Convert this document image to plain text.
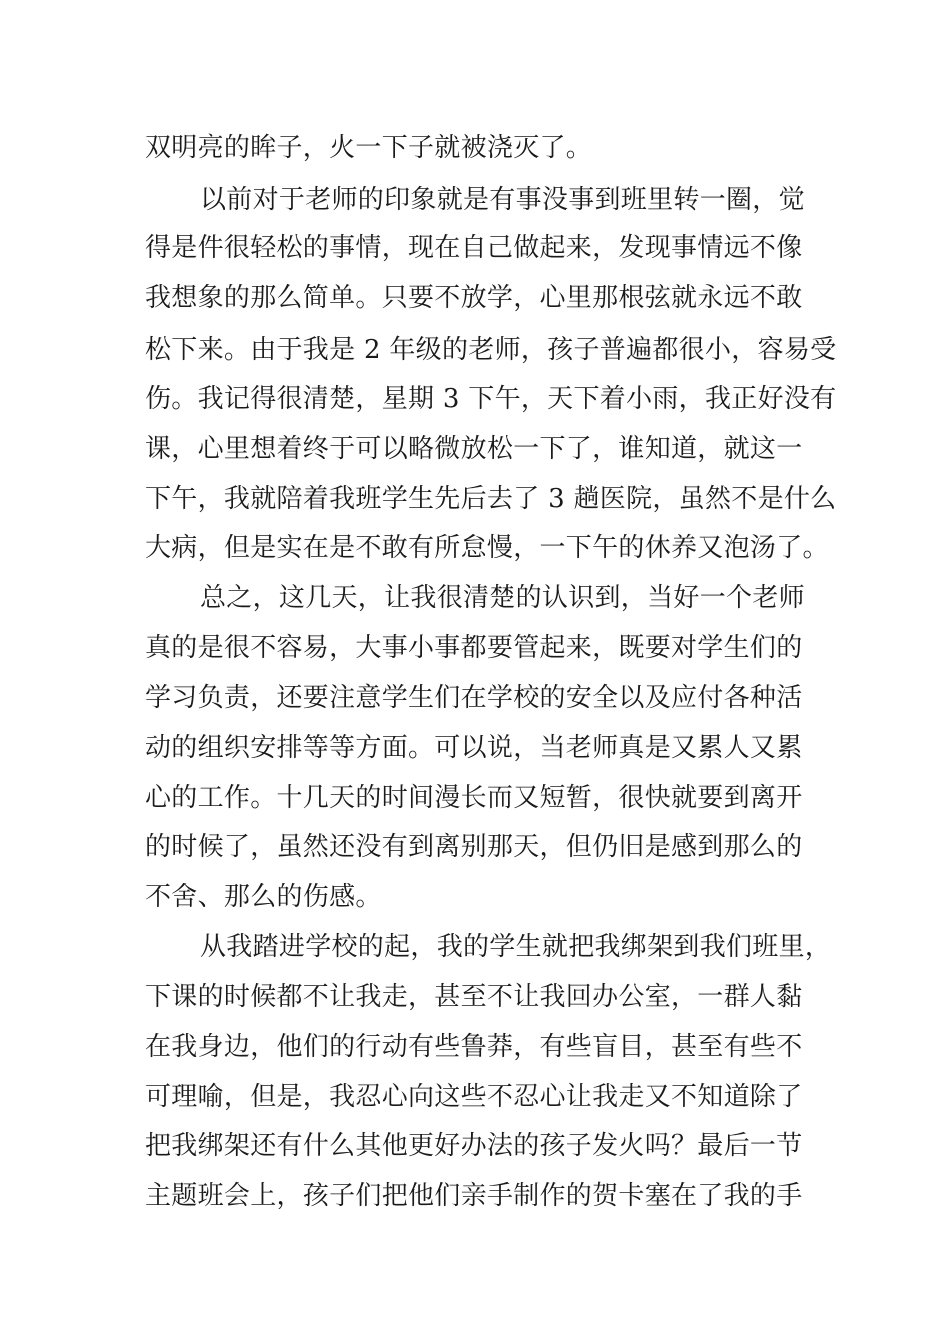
双明亮的眸子，火一下子就被浇灭了。
以前对于老师的印象就是有事没事到班里转一圈，觉
得是件很轻松的事情，现在自己做起来，发现事情远不像
我想象的那么简单。只要不放学，心里那根弦就永远不敢
松下来。由于我是 2 年级的老师，孩子普遍都很小，容易受
伤。我记得很清楚，星期 3 下午，天下着小雨，我正好没有
课，心里想着终于可以略微放松一下了，谁知道，就这一
下午，我就陪着我班学生先后去了 3 趟医院，虽然不是什么
大病，但是实在是不敢有所怠慢，一下午的休养又泡汤了。
总之，这几天，让我很清楚的认识到，当好一个老师
真的是很不容易，大事小事都要管起来，既要对学生们的
学习负责，还要注意学生们在学校的安全以及应付各种活
动的组织安排等等方面。可以说，当老师真是又累人又累
心的工作。十几天的时间漫长而又短暂，很快就要到离开
的时候了，虽然还没有到离别那天，但仍旧是感到那么的
不舍、那么的伤感。
从我踏进学校的起，我的学生就把我绑架到我们班里，
下课的时候都不让我走，甚至不让我回办公室，一群人黏
在我身边，他们的行动有些鲁莽，有些盲目，甚至有些不
可理喻，但是，我忍心向这些不忍心让我走又不知道除了
把我绑架还有什么其他更好办法的孩子发火吗？最后一节
主题班会上，孩子们把他们亲手制作的贺卡塞在了我的手
